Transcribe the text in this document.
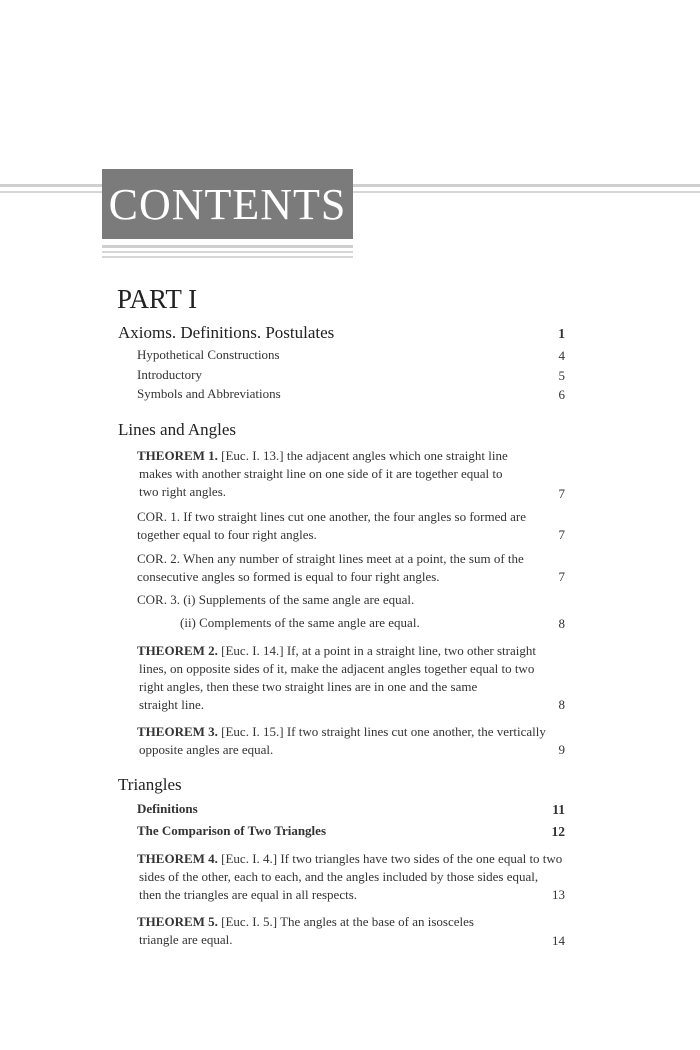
CONTENTS
PART I
Axioms. Definitions. Postulates	1
Hypothetical Constructions	4
Introductory	5
Symbols and Abbreviations	6
Lines and Angles
THEOREM 1. [Euc. I. 13.] the adjacent angles which one straight line
makes with another straight line on one side of it are together equal to
two right angles.	7
COR. 1. If two straight lines cut one another, the four angles so formed are
together equal to four right angles.	7
COR. 2. When any number of straight lines meet at a point, the sum of the
consecutive angles so formed is equal to four right angles.	7
COR. 3. (i) Supplements of the same angle are equal.
(ii) Complements of the same angle are equal.	8
THEOREM 2. [Euc. I. 14.] If, at a point in a straight line, two other straight
lines, on opposite sides of it, make the adjacent angles together equal to two
right angles, then these two straight lines are in one and the same
straight line.	8
THEOREM 3. [Euc. I. 15.] If two straight lines cut one another, the vertically
opposite angles are equal.	9
Triangles
Definitions	11
The Comparison of Two Triangles	12
THEOREM 4. [Euc. I. 4.] If two triangles have two sides of the one equal to two
sides of the other, each to each, and the angles included by those sides equal,
then the triangles are equal in all respects.	13
THEOREM 5. [Euc. I. 5.] The angles at the base of an isosceles
triangle are equal.	14
